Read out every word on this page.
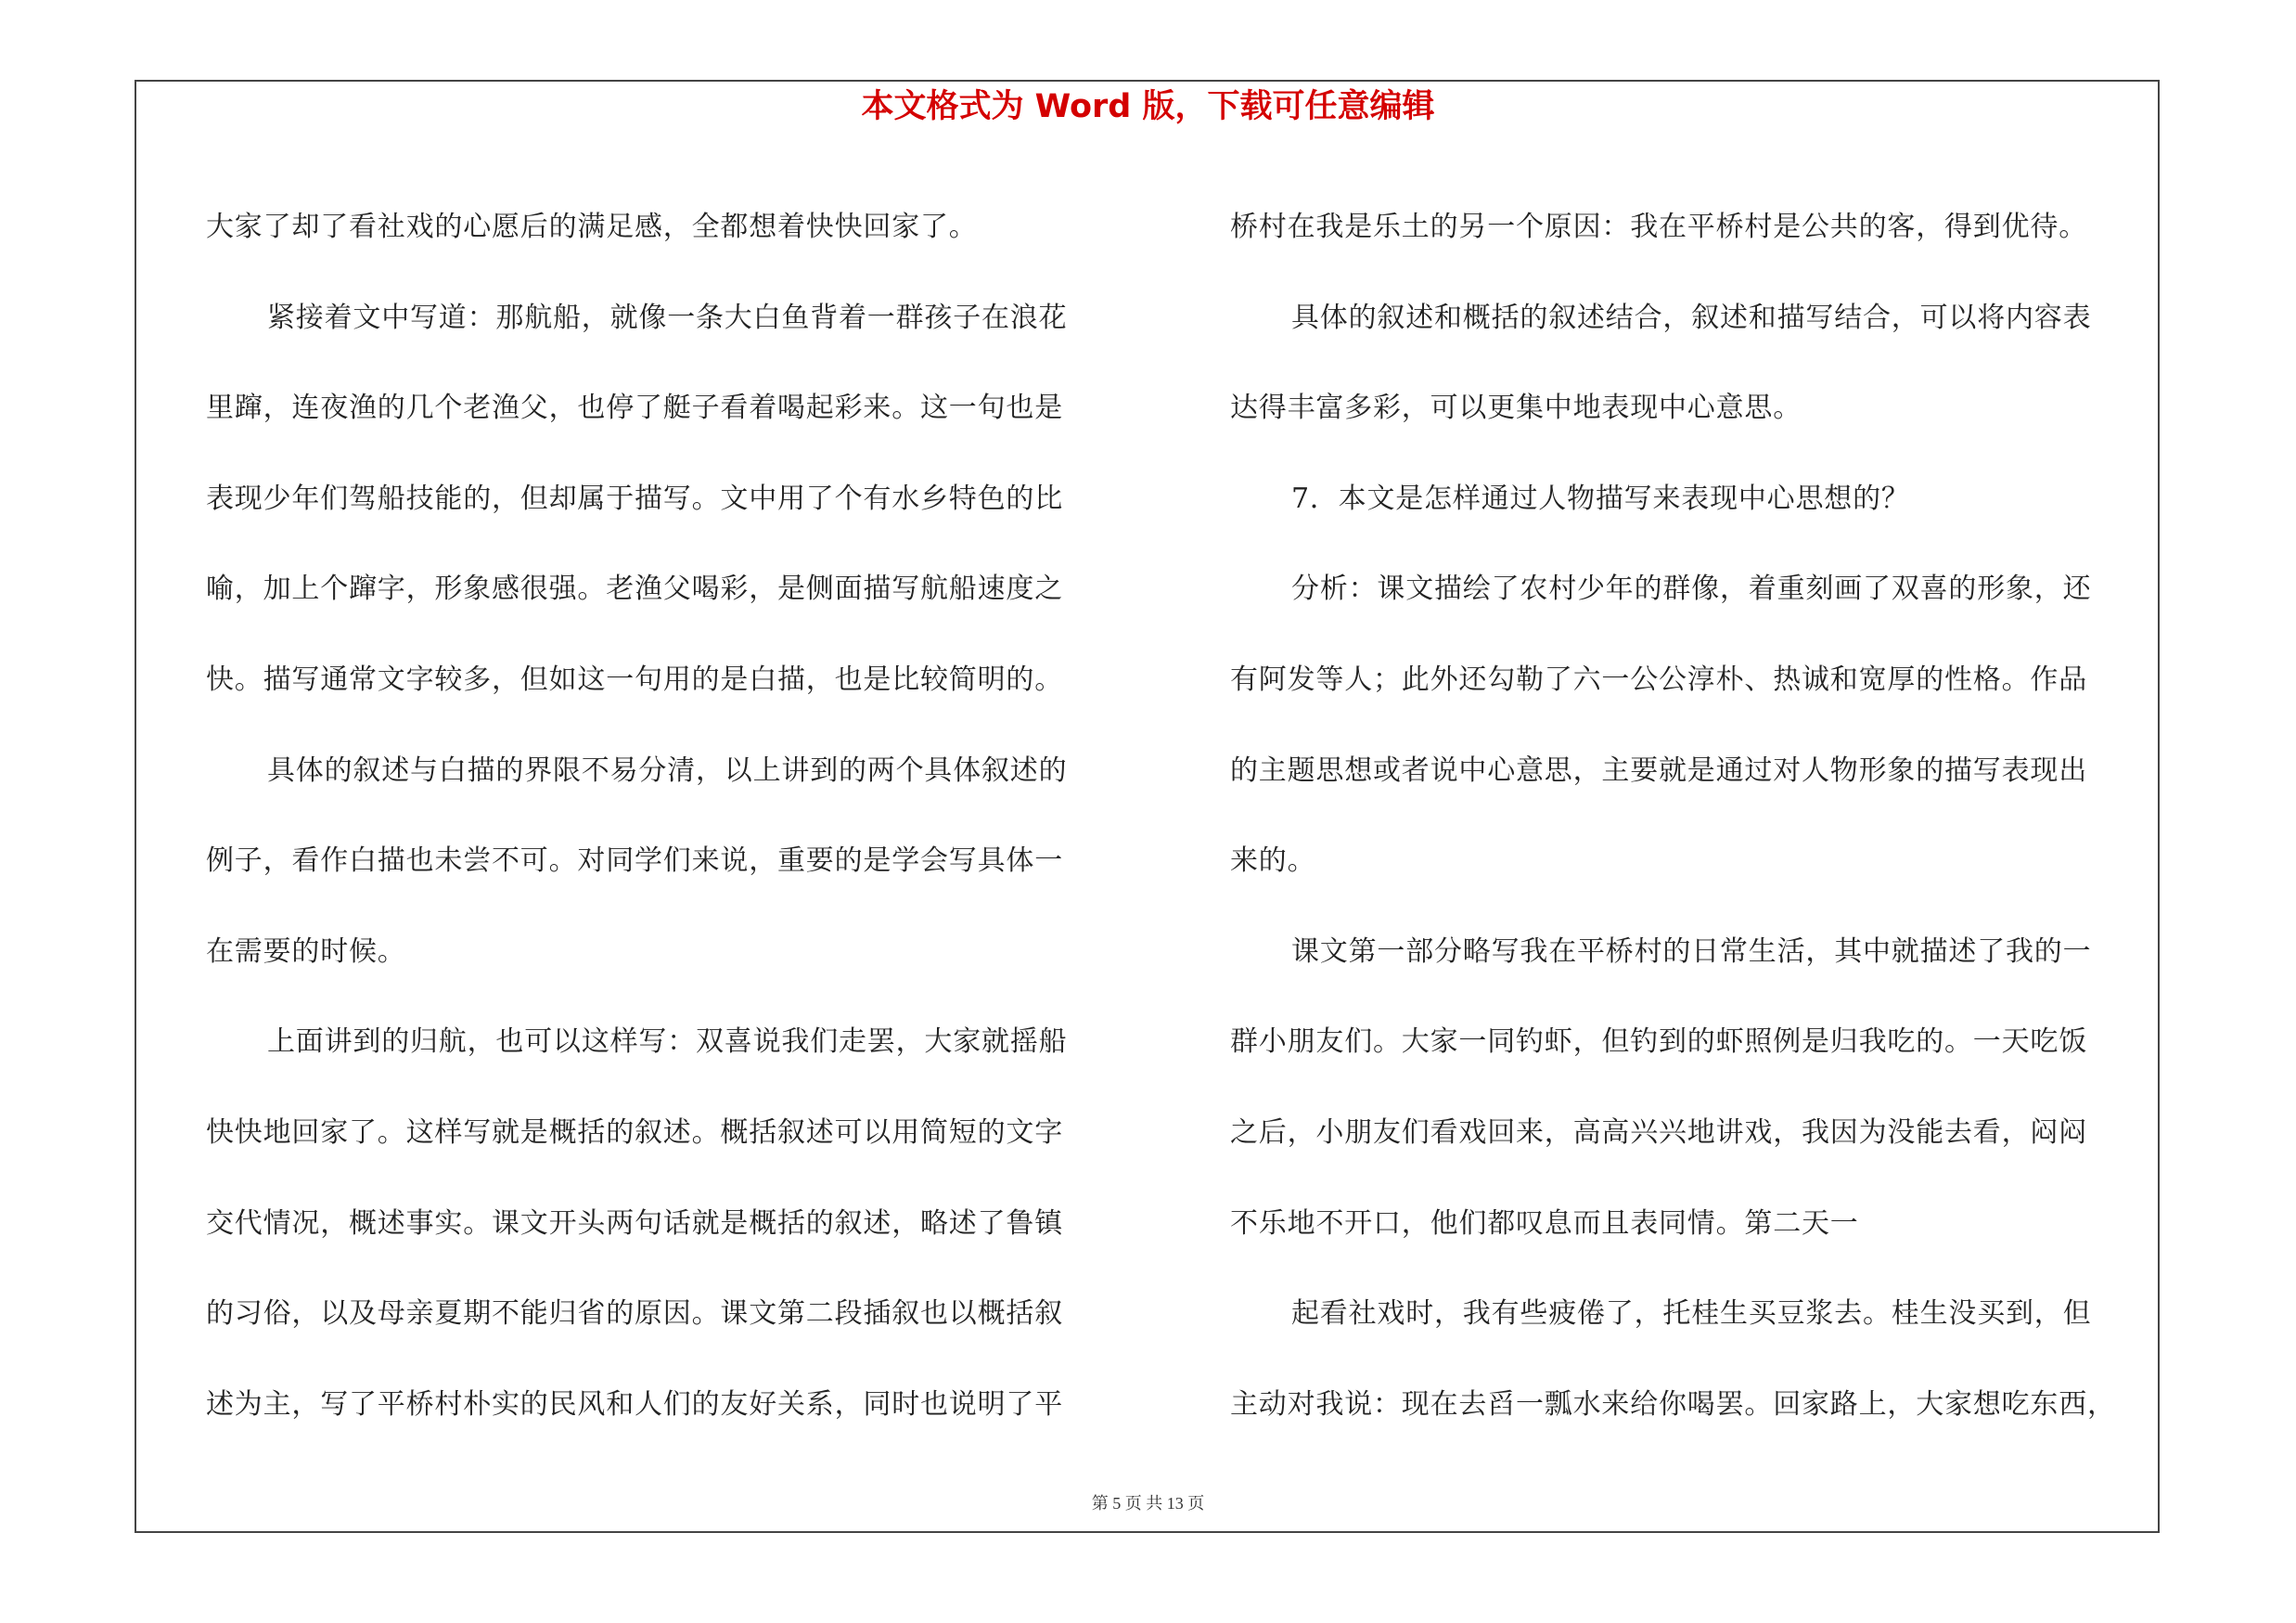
本文格式为 Word 版，下载可任意编辑

大家了却了看社戏的心愿后的满足感，全都想着快快回家了。

紧接着文中写道：那航船，就像一条大白鱼背着一群孩子在浪花

里蹿，连夜渔的几个老渔父，也停了艇子看着喝起彩来。这一句也是

表现少年们驾船技能的，但却属于描写。文中用了个有水乡特色的比

喻，加上个蹿字，形象感很强。老渔父喝彩，是侧面描写航船速度之

快。描写通常文字较多，但如这一句用的是白描，也是比较简明的。

具体的叙述与白描的界限不易分清，以上讲到的两个具体叙述的

例子，看作白描也未尝不可。对同学们来说，重要的是学会写具体一

在需要的时候。

上面讲到的归航，也可以这样写：双喜说我们走罢，大家就摇船

快快地回家了。这样写就是概括的叙述。概括叙述可以用简短的文字

交代情况，概述事实。课文开头两句话就是概括的叙述，略述了鲁镇

的习俗，以及母亲夏期不能归省的原因。课文第二段插叙也以概括叙

述为主，写了平桥村朴实的民风和人们的友好关系，同时也说明了平

桥村在我是乐土的另一个原因：我在平桥村是公共的客，得到优待。

具体的叙述和概括的叙述结合，叙述和描写结合，可以将内容表

达得丰富多彩，可以更集中地表现中心意思。

7．本文是怎样通过人物描写来表现中心思想的？

分析：课文描绘了农村少年的群像，着重刻画了双喜的形象，还

有阿发等人；此外还勾勒了六一公公淳朴、热诚和宽厚的性格。作品

的主题思想或者说中心意思，主要就是通过对人物形象的描写表现出

来的。

课文第一部分略写我在平桥村的日常生活，其中就描述了我的一

群小朋友们。大家一同钓虾，但钓到的虾照例是归我吃的。一天吃饭

之后，小朋友们看戏回来，高高兴兴地讲戏，我因为没能去看，闷闷

不乐地不开口，他们都叹息而且表同情。第二天一

起看社戏时，我有些疲倦了，托桂生买豆浆去。桂生没买到，但

主动对我说：现在去舀一瓢水来给你喝罢。回家路上，大家想吃东西，

第 5 页 共 13 页
